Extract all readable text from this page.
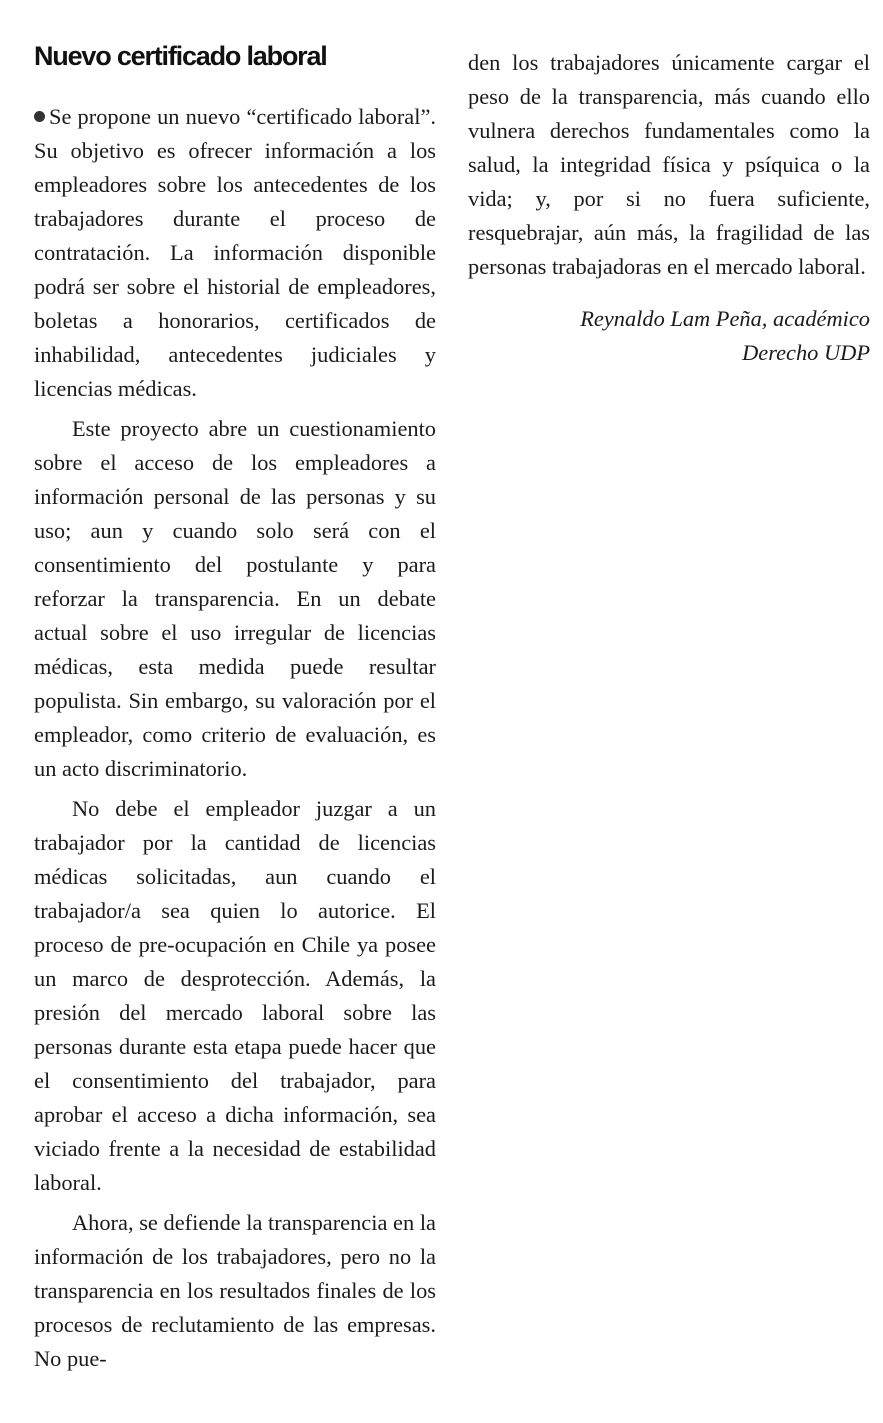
Nuevo certificado laboral

Se propone un nuevo “certificado laboral”. Su objetivo es ofrecer información a los empleadores sobre los antecedentes de los trabajadores durante el proceso de contratación. La información disponible podrá ser sobre el historial de empleadores, boletas a honorarios, certificados de inhabilidad, antecedentes judiciales y licencias médicas.

Este proyecto abre un cuestionamiento sobre el acceso de los empleadores a información personal de las personas y su uso; aun y cuando solo será con el consentimiento del postulante y para reforzar la transparencia. En un debate actual sobre el uso irregular de licencias médicas, esta medida puede resultar populista. Sin embargo, su valoración por el empleador, como criterio de evaluación, es un acto discriminatorio.

No debe el empleador juzgar a un trabajador por la cantidad de licencias médicas solicitadas, aun cuando el trabajador/a sea quien lo autorice. El proceso de pre-ocupación en Chile ya posee un marco de desprotección. Además, la presión del mercado laboral sobre las personas durante esta etapa puede hacer que el consentimiento del trabajador, para aprobar el acceso a dicha información, sea viciado frente a la necesidad de estabilidad laboral.

Ahora, se defiende la transparencia en la información de los trabajadores, pero no la transparencia en los resultados finales de los procesos de reclutamiento de las empresas. No pue-

den los trabajadores únicamente cargar el peso de la transparencia, más cuando ello vulnera derechos fundamentales como la salud, la integridad física y psíquica o la vida; y, por si no fuera suficiente, resquebrajar, aún más, la fragilidad de las personas trabajadoras en el mercado laboral.

Reynaldo Lam Peña, académico
Derecho UDP
